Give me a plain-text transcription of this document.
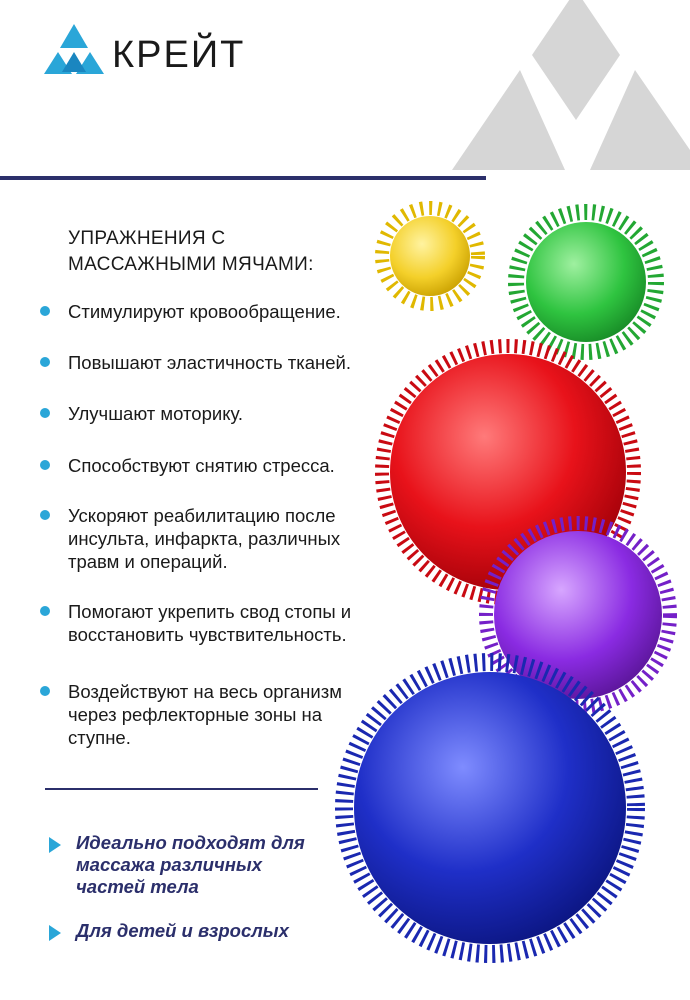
КРЕЙТ
УПРАЖНЕНИЯ С
МАССАЖНЫМИ МЯЧАМИ:
Стимулируют кровообращение.
Повышают эластичность тканей.
Улучшают моторику.
Способствуют снятию стресса.
Ускоряют реабилитацию после инсульта, инфаркта, различных травм и операций.
Помогают укрепить свод стопы и восстановить чувствительность.
Воздействуют на весь организм через рефлекторные зоны на ступне.
Идеально подходят для массажа различных частей тела
Для детей и взрослых
